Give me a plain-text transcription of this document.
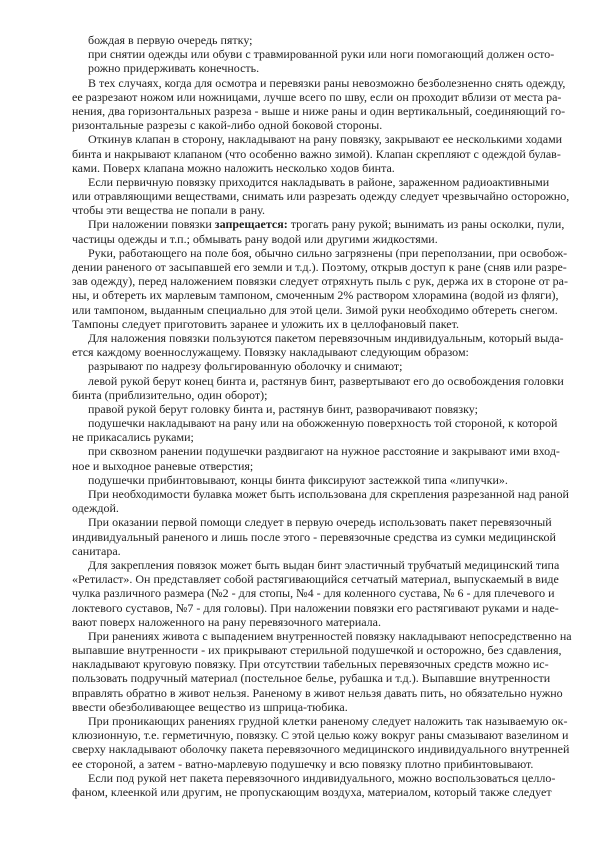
бождая в первую очередь пятку;
при снятии одежды или обуви с травмированной руки или ноги помогающий должен осто-
рожно придерживать конечность.
В тех случаях, когда для осмотра и перевязки раны невозможно безболезненно снять одежду,
ее разрезают ножом или ножницами, лучше всего по шву, если он проходит вблизи от места ра-
нения, два горизонтальных разреза - выше и ниже раны и один вертикальный, соединяющий го-
ризонтальные разрезы с какой-либо одной боковой стороны.
Откинув клапан в сторону, накладывают на рану повязку, закрывают ее несколькими ходами
бинта и накрывают клапаном (что особенно важно зимой). Клапан скрепляют с одеждой булав-
ками. Поверх клапана можно наложить несколько ходов бинта.
Если первичную повязку приходится накладывать в районе, зараженном радиоактивными
или отравляющими веществами, снимать или разрезать одежду следует чрезвычайно осторожно,
чтобы эти вещества не попали в рану.
При наложении повязки запрещается: трогать рану рукой; вынимать из раны осколки, пули,
частицы одежды и т.п.; обмывать рану водой или другими жидкостями.
Руки, работающего на поле боя, обычно сильно загрязнены (при переползании, при освобож-
дении раненого от засыпавшей его земли и т.д.). Поэтому, открыв доступ к ране (сняв или разре-
зав одежду), перед наложением повязки следует отряхнуть пыль с рук, держа их в стороне от ра-
ны, и обтереть их марлевым тампоном, смоченным 2% раствором хлорамина (водой из фляги),
или тампоном, выданным специально для этой цели. Зимой руки необходимо обтереть снегом.
Тампоны следует приготовить заранее и уложить их в целлофановый пакет.
Для наложения повязки пользуются пакетом перевязочным индивидуальным, который выда-
ется каждому военнослужащему. Повязку накладывают следующим образом:
разрывают по надрезу фольгированную оболочку и снимают;
левой рукой берут конец бинта и, растянув бинт, развертывают его до освобождения головки
бинта (приблизительно, один оборот);
правой рукой берут головку бинта и, растянув бинт, разворачивают повязку;
подушечки накладывают на рану или на обожженную поверхность той стороной, к которой
не прикасались руками;
при сквозном ранении подушечки раздвигают на нужное расстояние и закрывают ими вход-
ное и выходное раневые отверстия;
подушечки прибинтовывают, концы бинта фиксируют застежкой типа «липучки».
При необходимости булавка может быть использована для скрепления разрезанной над раной
одеждой.
При оказании первой помощи следует в первую очередь использовать пакет перевязочный
индивидуальный раненого и лишь после этого - перевязочные средства из сумки медицинской
санитара.
Для закрепления повязок может быть выдан бинт эластичный трубчатый медицинский типа
«Ретиласт». Он представляет собой растягивающийся сетчатый материал, выпускаемый в виде
чулка различного размера (№2 - для стопы, №4 - для коленного сустава, № 6 - для плечевого и
локтевого суставов, №7 - для головы). При наложении повязки его растягивают руками и наде-
вают поверх наложенного на рану перевязочного материала.
При ранениях живота с выпадением внутренностей повязку накладывают непосредственно на
выпавшие внутренности - их прикрывают стерильной подушечкой и осторожно, без сдавления,
накладывают круговую повязку. При отсутствии табельных перевязочных средств можно ис-
пользовать подручный материал (постельное белье, рубашка и т.д.). Выпавшие внутренности
вправлять обратно в живот нельзя. Раненому в живот нельзя давать пить, но обязательно нужно
ввести обезболивающее вещество из шприца-тюбика.
При проникающих ранениях грудной клетки раненому следует наложить так называемую ок-
клюзионную, т.е. герметичную, повязку. С этой целью кожу вокруг раны смазывают вазелином и
сверху накладывают оболочку пакета перевязочного медицинского индивидуального внутренней
ее стороной, а затем - ватно-марлевую подушечку и всю повязку плотно прибинтовывают.
Если под рукой нет пакета перевязочного индивидуального, можно воспользоваться целло-
фаном, клеенкой или другим, не пропускающим воздуха, материалом, который также следует
